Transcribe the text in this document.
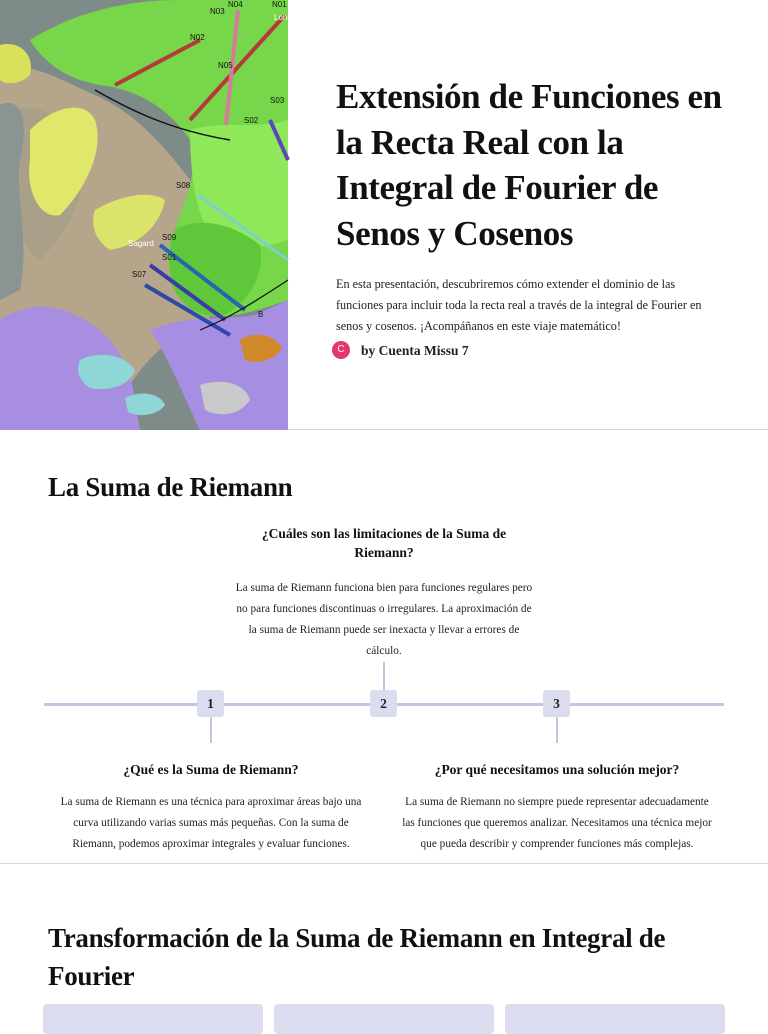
N03
N04	N01
N02
N05
S03
S02
S08
S09
S01
S07
Sagard
Lohme
B
Extensión de Funciones en la Recta Real con la Integral de Fourier de Senos y Cosenos

En esta presentación, descubriremos cómo extender el dominio de las funciones para incluir toda la recta real a través de la integral de Fourier en senos y cosenos. ¡Acompáñanos en este viaje matemático!

C	by Cuenta Missu 7
La Suma de Riemann
¿Cuáles son las limitaciones de la Suma de Riemann?
La suma de Riemann funciona bien para funciones regulares pero no para funciones discontinuas o irregulares. La aproximación de la suma de Riemann puede ser inexacta y llevar a errores de cálculo.
1	2	3
¿Qué es la Suma de Riemann?
La suma de Riemann es una técnica para aproximar áreas bajo una curva utilizando varias sumas más pequeñas. Con la suma de Riemann, podemos aproximar integrales y evaluar funciones.
¿Por qué necesitamos una solución mejor?
La suma de Riemann no siempre puede representar adecuadamente las funciones que queremos analizar. Necesitamos una técnica mejor que pueda describir y comprender funciones más complejas.
Transformación de la Suma de Riemann en Integral de Fourier
